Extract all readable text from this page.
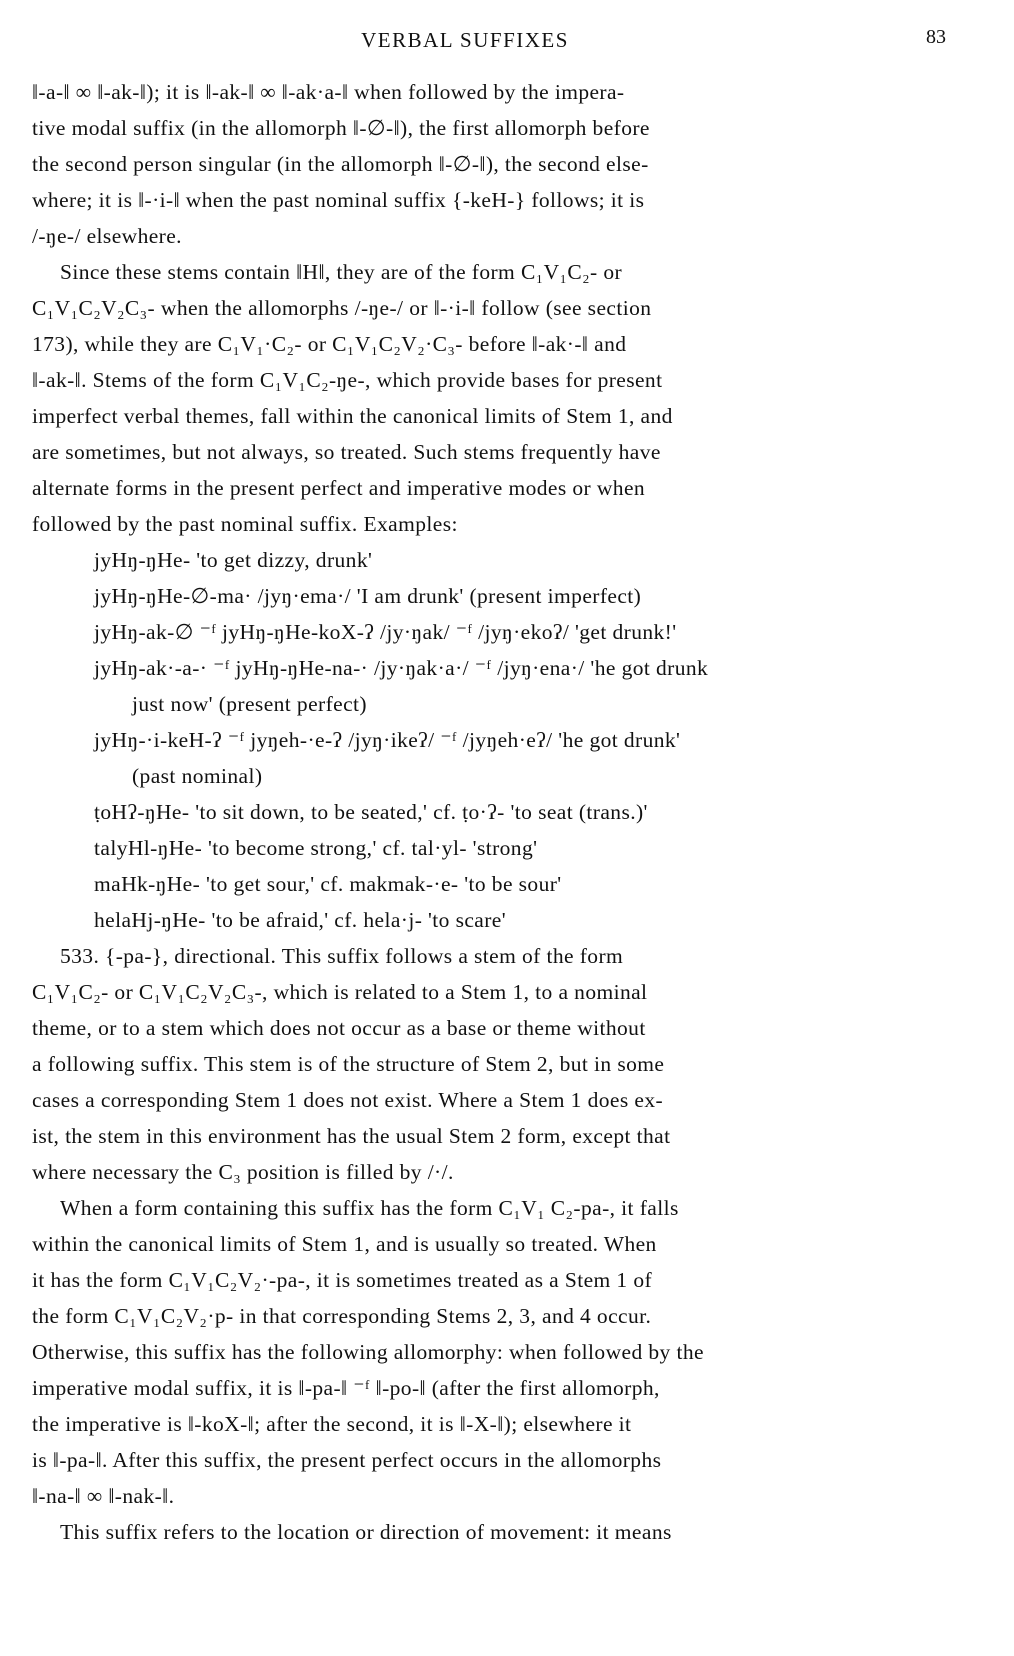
VERBAL SUFFIXES	83
‖-a-‖ ∞ ‖-ak-‖); it is ‖-ak-‖ ∞ ‖-ak·a-‖ when followed by the impera-
tive modal suffix (in the allomorph ‖-∅-‖), the first allomorph before
the second person singular (in the allomorph ‖-∅-‖), the second else-
where; it is ‖-·i-‖ when the past nominal suffix {-keH-} follows; it is
/-ŋe-/ elsewhere.
Since these stems contain ‖H‖, they are of the form C₁V₁C₂- or
C₁V₁C₂V₂C₃- when the allomorphs /-ŋe-/ or ‖-·i-‖ follow (see section
173), while they are C₁V₁·C₂- or C₁V₁C₂V₂·C₃- before ‖-ak·-‖ and
‖-ak-‖. Stems of the form C₁V₁C₂-ŋe-, which provide bases for present
imperfect verbal themes, fall within the canonical limits of Stem 1, and
are sometimes, but not always, so treated. Such stems frequently have
alternate forms in the present perfect and imperative modes or when
followed by the past nominal suffix. Examples:
jyHŋ-ŋHe- 'to get dizzy, drunk'
jyHŋ-ŋHe-∅-ma· /jyŋ·ema·/ 'I am drunk' (present imperfect)
jyHŋ-ak-∅ ⁻ᶠ jyHŋ-ŋHe-koX-ʔ /jy·ŋak/ ⁻ᶠ /jyŋ·ekoʔ/ 'get drunk!'
jyHŋ-ak·-a-· ⁻ᶠ jyHŋ-ŋHe-na-· /jy·ŋak·a·/ ⁻ᶠ /jyŋ·ena·/ 'he got drunk
just now' (present perfect)
jyHŋ-·i-keH-ʔ ⁻ᶠ jyŋeh-·e-ʔ /jyŋ·ikeʔ/ ⁻ᶠ /jyŋeh·eʔ/ 'he got drunk'
(past nominal)
ṭoHʔ-ŋHe- 'to sit down, to be seated,' cf. ṭo·ʔ- 'to seat (trans.)'
talyHl-ŋHe- 'to become strong,' cf. tal·yl- 'strong'
maHk-ŋHe- 'to get sour,' cf. makmak-·e- 'to be sour'
helaHj-ŋHe- 'to be afraid,' cf. hela·j- 'to scare'
533. {-pa-}, directional. This suffix follows a stem of the form
C₁V₁C₂- or C₁V₁C₂V₂C₃-, which is related to a Stem 1, to a nominal
theme, or to a stem which does not occur as a base or theme without
a following suffix. This stem is of the structure of Stem 2, but in some
cases a corresponding Stem 1 does not exist. Where a Stem 1 does ex-
ist, the stem in this environment has the usual Stem 2 form, except that
where necessary the C₃ position is filled by /·/.
When a form containing this suffix has the form C₁V₁ C₂-pa-, it falls
within the canonical limits of Stem 1, and is usually so treated. When
it has the form C₁V₁C₂V₂·-pa-, it is sometimes treated as a Stem 1 of
the form C₁V₁C₂V₂·p- in that corresponding Stems 2, 3, and 4 occur.
Otherwise, this suffix has the following allomorphy: when followed by the
imperative modal suffix, it is ‖-pa-‖ ⁻ᶠ ‖-po-‖ (after the first allomorph,
the imperative is ‖-koX-‖; after the second, it is ‖-X-‖); elsewhere it
is ‖-pa-‖. After this suffix, the present perfect occurs in the allomorphs
‖-na-‖ ∞ ‖-nak-‖.
This suffix refers to the location or direction of movement: it means
